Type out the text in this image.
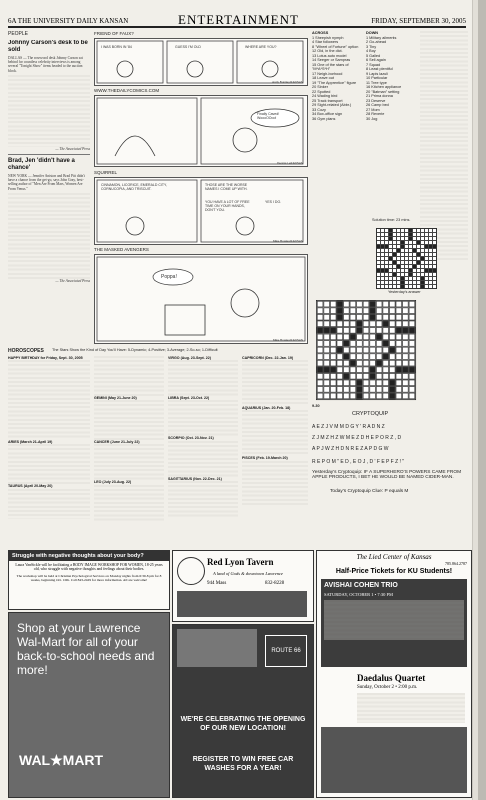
6A THE UNIVERSITY DAILY KANSAN	ENTERTAINMENT	FRIDAY, SEPTEMBER 30, 2005
PEOPLE
Johnny Carson's desk to be sold
DALLAS — The rosewood desk Johnny Carson sat behind for countless celebrity interviews is among several "Tonight Show" items headed to the auction block.
— The Associated Press
Brad, Jen 'didn't have a chance'
NEW YORK — Jennifer Aniston and Brad Pitt didn't have a chance from the get-go, says John Gray, best-selling author of "Men Are From Mars, Women Are From Venus."
— The Associated Press
FRIEND OF FAUX?
I WAS BORN IN '84	GUESS I'M OLD	WHERE ARE YOU?
Andy Buntley/KANSAN
WWW.THEDAILYCOMICS.COM
Finally Caved! WoooOOoo!
Dennis LeKANSAN
SQUIRREL
CINNAMON, LICORICE, EMERALD CITY, CORNUCOPIA, AND TRISCUIT.
THOSE ARE THE WORSE NAMES I COME UP WITH.
YOU HAVE A LOT OF FREE TIME ON YOUR HANDS, DON'T YOU.
YES I DO.
Mike Bowles/KANSAN
THE MASKED AVENGERS
Poppa!
Mike Bowles/KANSAN
ACROSS
1 Sheepish nymph
4 Star followers
8 "Wheel of Fortune" option
12 Old, in the dict.
13 Lotus auto model
14 Seeger or Sampras
15 One of the stars of "M*A*S*H"
17 Neigh-borhood
18 Leave out
19 "The Apprentice" figure
20 Sinker
22 Spotted
24 Wading bird
25 Track transport
29 Sight-related (Abbr.)
33 Cozy
34 Box-office sign
36 Gym plans
DOWN
1 Military ailments
2 Go-ahead
3 Tiny
4 Boy
5 Galled
6 Sell again
7 Squad
8 Least plentiful
9 Lapis lazuli
10 Particular
11 Tree type
16 Kitchen appliance
20 "Batman" setting
21 Prima donna
23 Deserve
26 Camp bed
27 Mom
28 Reverie
30 Jog
Solution time: 23 mins.
Yesterday's answer
9-30
CRYPTOQUIP
A E Z J V M M D G Y ' R A D N Z
Z J M Z H Z W M E Z D H E P O R Z , D
A P J W Z H D N R E Z A P D G W
R E P O M " E D , E O J , D ' F E P F Z ! "
Yesterday's Cryptoquip: IF A SUPERHERO'S POWERS CAME FROM APPLE PRODUCTS, I BET HE WOULD BE NAMED CIDER-MAN.
Today's Cryptoquip Clue: P equals M
HOROSCOPES The Stars Show the Kind of Day You'll Have: 5-Dynamic; 4-Positive; 3-Average; 2-So-so; 1-Difficult
HAPPY BIRTHDAY for Friday, Sept. 30, 2005
ARIES (March 21-April 19)
TAURUS (April 20-May 20)
GEMINI (May 21-June 20)
CANCER (June 21-July 22)
LEO (July 23-Aug. 22)
VIRGO (Aug. 23-Sept. 22)
LIBRA (Sept. 23-Oct. 22)
SCORPIO (Oct. 23-Nov. 21)
SAGITTARIUS (Nov. 22-Dec. 21)
CAPRICORN (Dec. 22-Jan. 19)
AQUARIUS (Jan. 20-Feb. 18)
PISCES (Feb. 19-March 20)
Struggle with negative thoughts about your body?
Laura VanSickle will be facilitating a BODY IMAGE WORKSHOP FOR WOMEN, 18-25 years old, who struggle with negative thoughts and feelings about their bodies.
The workshop will be held at Christian Psychological Services on Monday nights from 6:30-8 pm for 8 weeks, beginning Oct. 10th. Call 843-2429 for more information. All are welcome!
Shop at your Lawrence Wal-Mart for all of your back-to-school needs and more!
WAL★MART
Red Lyon Tavern
A land of Gods & downtown Lawrence
944 Mass	832-8228
ROUTE 66
WE'RE CELEBRATING THE OPENING OF OUR NEW LOCATION!
REGISTER TO WIN FREE CAR WASHES FOR A YEAR!
The Lied Center of Kansas
785.864.2787
Half-Price Tickets for KU Students!
AVISHAI COHEN TRIO
SATURDAY, OCTOBER 1 • 7:30 PM
Daedalus Quartet
Sunday, October 2 • 2:00 p.m.
